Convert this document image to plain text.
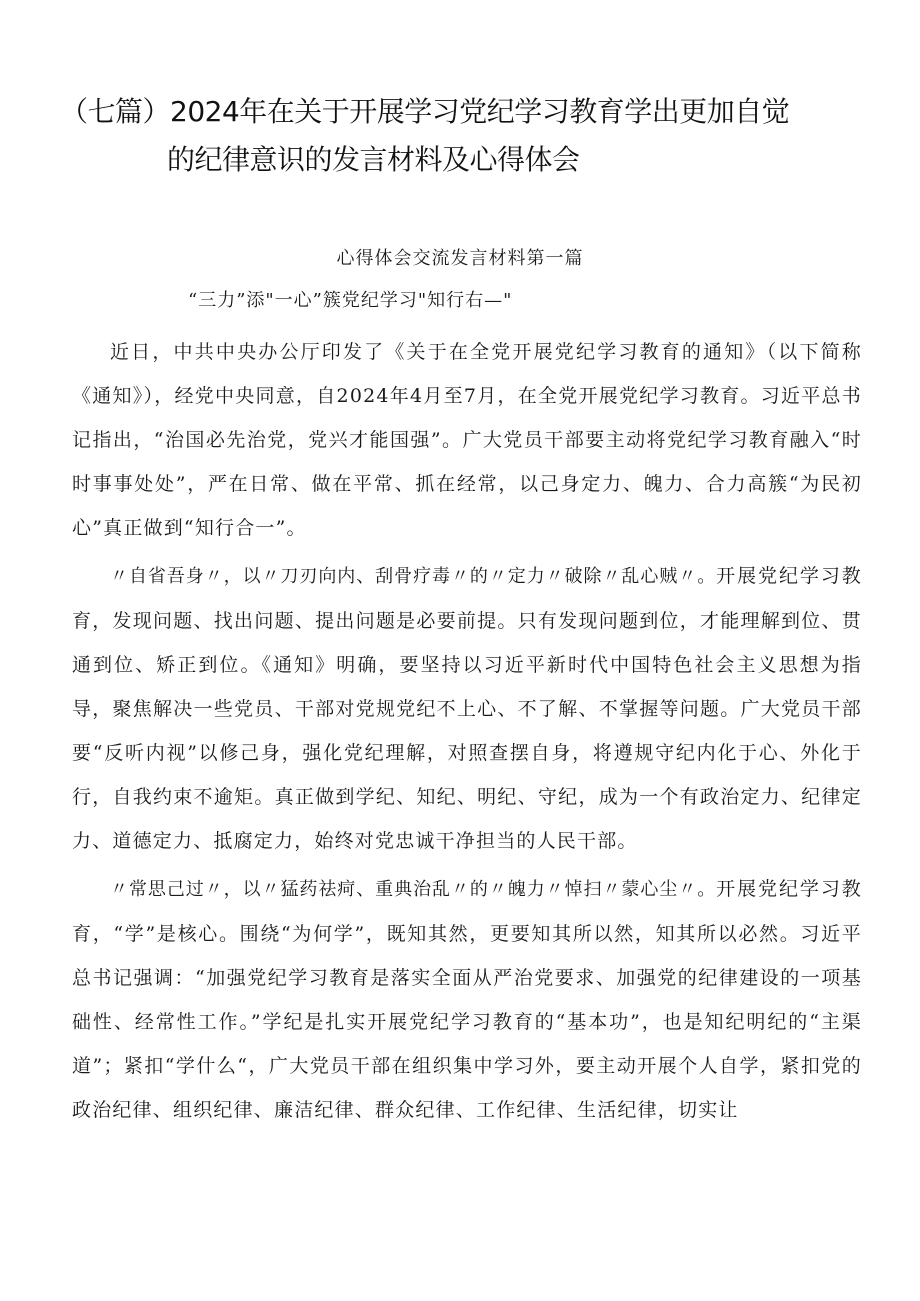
（七篇）2024年在关于开展学习党纪学习教育学出更加自觉
的纪律意识的发言材料及心得体会
心得体会交流发言材料第一篇
“三力”添"一心”簇党纪学习"知行右—"

近日，中共中央办公厅印发了《关于在全党开展党纪学习教育的通知》（以下简称《通知》），经党中央同意，自2024年4月至7月，在全党开展党纪学习教育。习近平总书记指出，“治国必先治党，党兴才能国强”。广大党员干部要主动将党纪学习教育融入“时时事事处处”，严在日常、做在平常、抓在经常，以己身定力、魄力、合力高簇“为民初心”真正做到“知行合一”。

〃自省吾身〃，以〃刀刃向内、刮骨疗毒〃的〃定力〃破除〃乱心贼〃。开展党纪学习教育，发现问题、找出问题、提出问题是必要前提。只有发现问题到位，才能理解到位、贯通到位、矫正到位。《通知》明确，要坚持以习近平新时代中国特色社会主义思想为指导，聚焦解决一些党员、干部对党规党纪不上心、不了解、不掌握等问题。广大党员干部要“反听内视”以修己身，强化党纪理解，对照查摆自身，将遵规守纪内化于心、外化于行，自我约束不逾矩。真正做到学纪、知纪、明纪、守纪，成为一个有政治定力、纪律定力、道德定力、抵腐定力，始终对党忠诚干净担当的人民干部。

〃常思己过〃，以〃猛药祛疴、重典治乱〃的〃魄力〃悼扫〃蒙心尘〃。开展党纪学习教育，“学”是核心。围绕“为何学”，既知其然，更要知其所以然，知其所以必然。习近平总书记强调：“加强党纪学习教育是落实全面从严治党要求、加强党的纪律建设的一项基础性、经常性工作。”学纪是扎实开展党纪学习教育的“基本功”，也是知纪明纪的“主渠道”；紧扣“学什么“，广大党员干部在组织集中学习外，要主动开展个人自学，紧扣党的政治纪律、组织纪律、廉洁纪律、群众纪律、工作纪律、生活纪律，切实让
